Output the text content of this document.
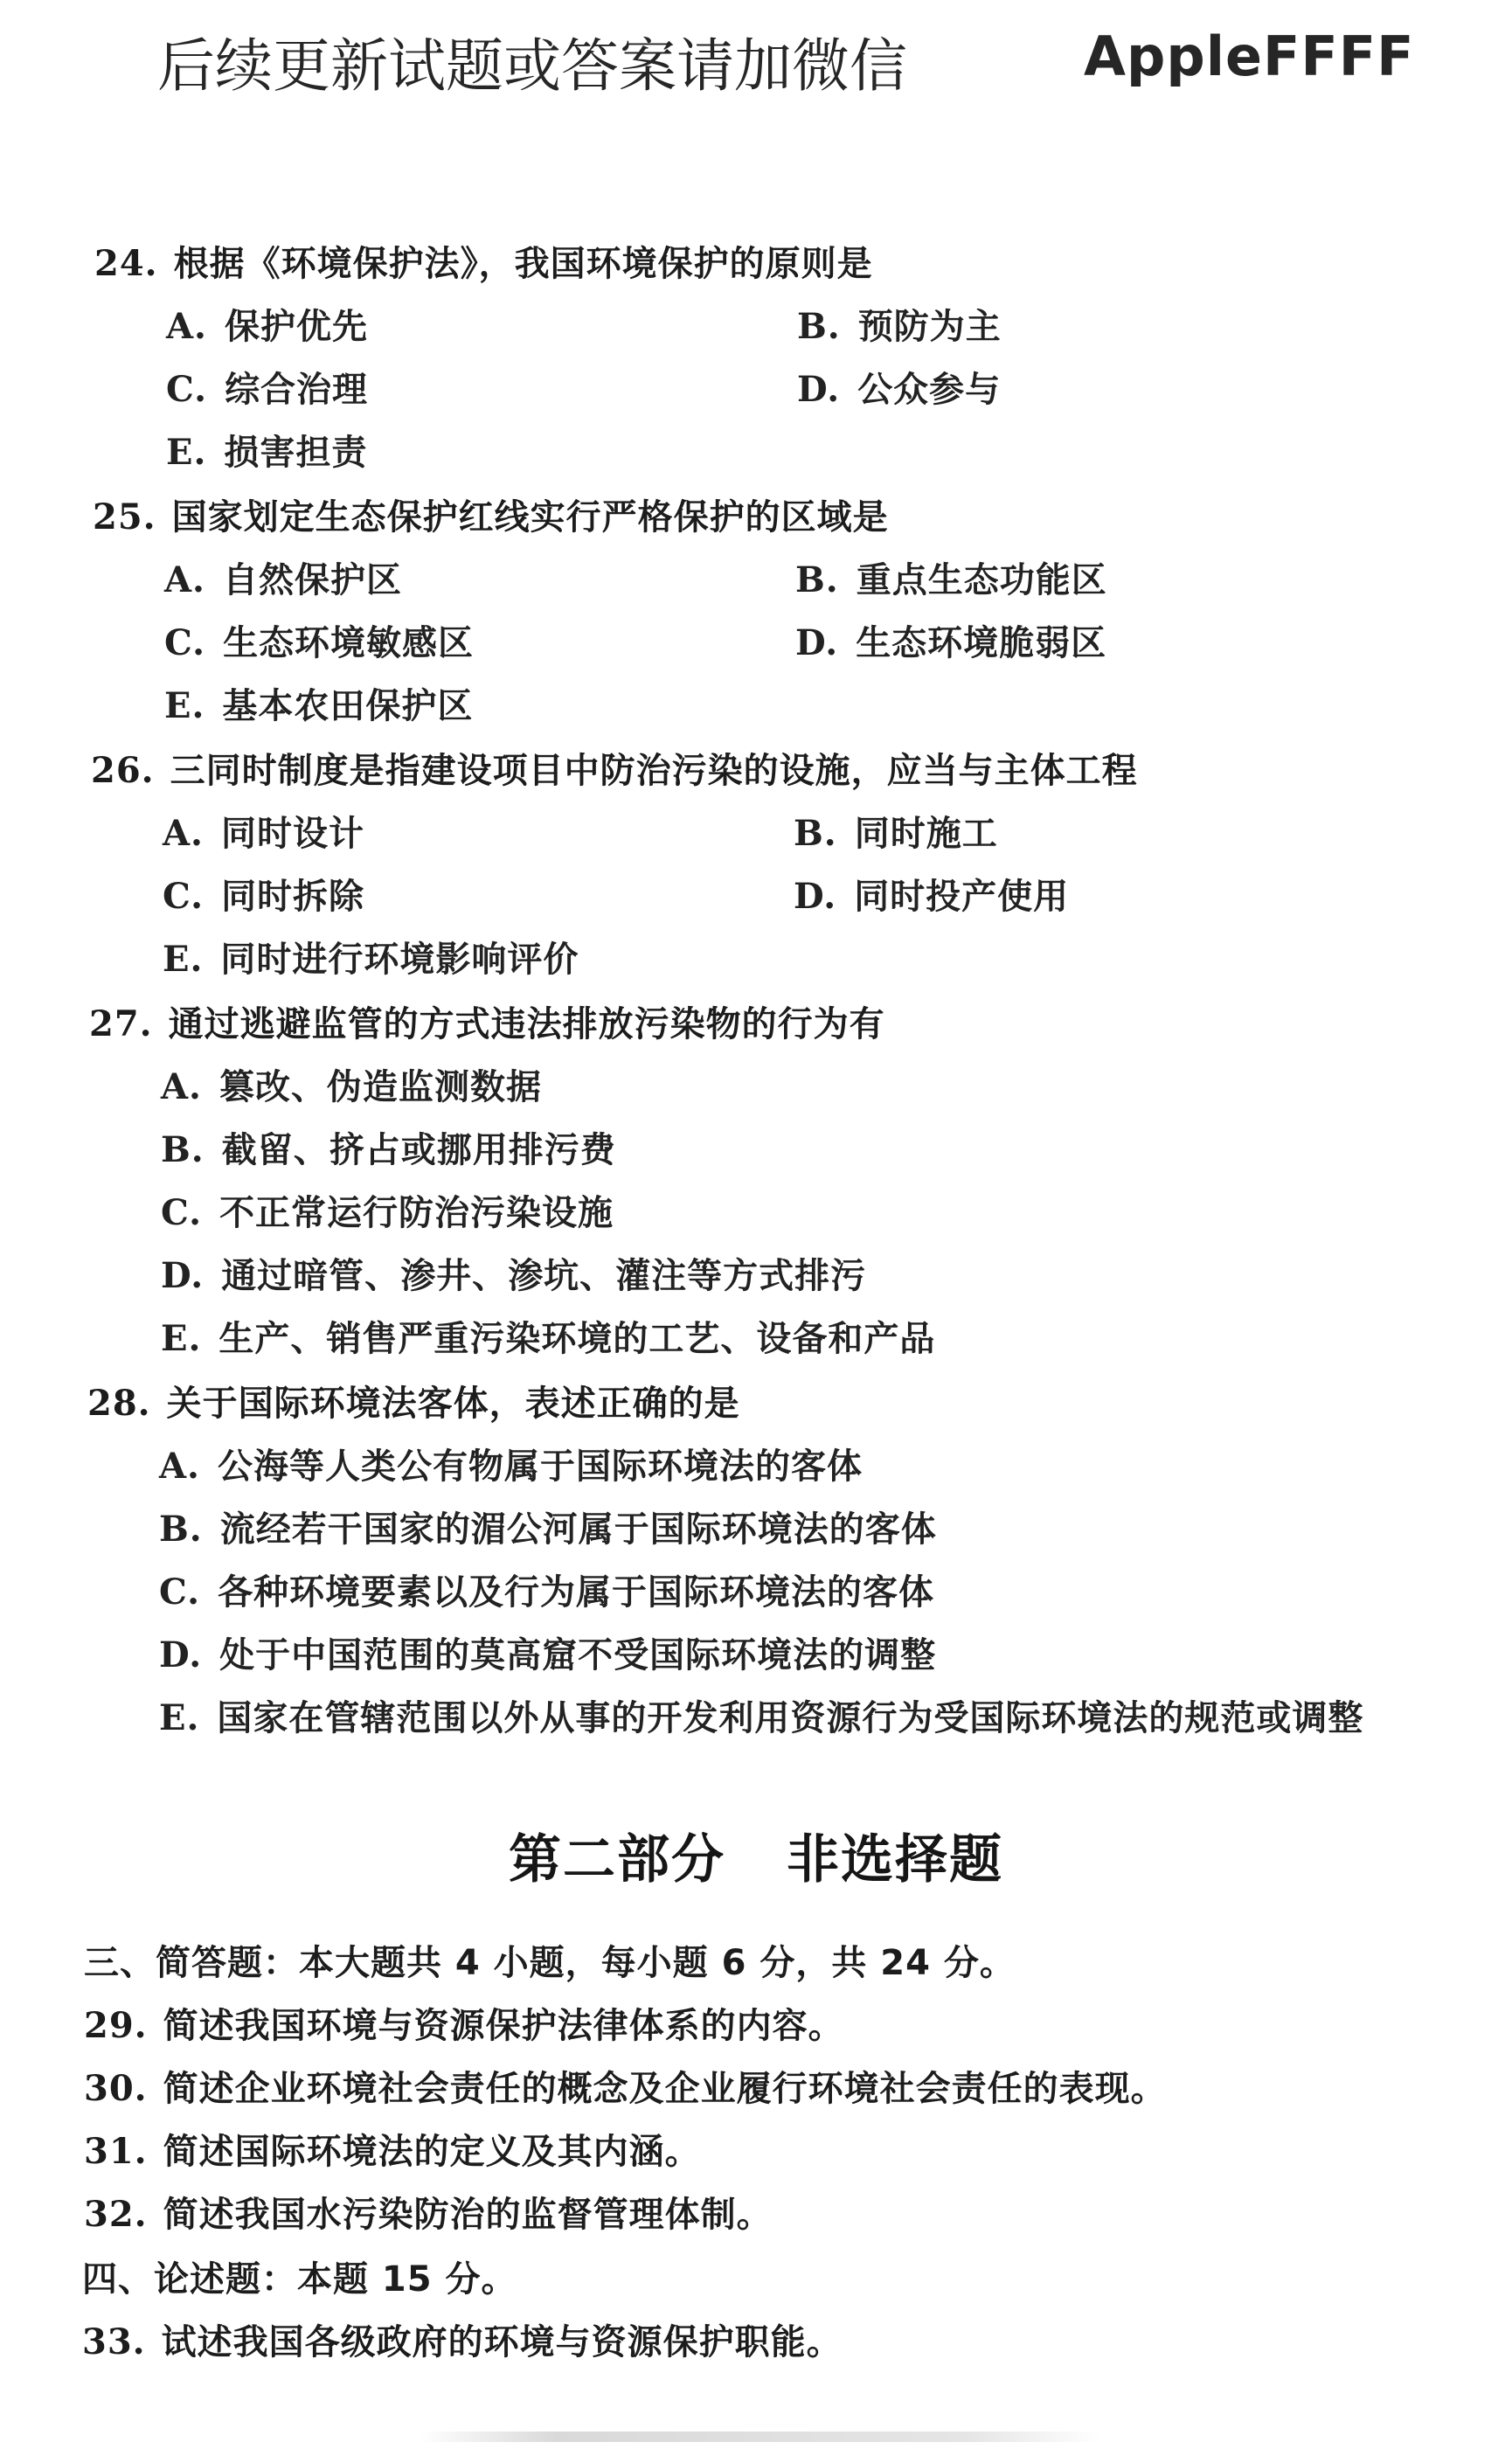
后续更新试题或答案请加微信	AppleFFFF
24. 根据《环境保护法》，我国环境保护的原则是
A. 保护优先	B. 预防为主
C. 综合治理	D. 公众参与
E. 损害担责
25. 国家划定生态保护红线实行严格保护的区域是
A. 自然保护区	B. 重点生态功能区
C. 生态环境敏感区	D. 生态环境脆弱区
E. 基本农田保护区
26. 三同时制度是指建设项目中防治污染的设施，应当与主体工程
A. 同时设计	B. 同时施工
C. 同时拆除	D. 同时投产使用
E. 同时进行环境影响评价
27. 通过逃避监管的方式违法排放污染物的行为有
A. 篡改、伪造监测数据
B. 截留、挤占或挪用排污费
C. 不正常运行防治污染设施
D. 通过暗管、渗井、渗坑、灌注等方式排污
E. 生产、销售严重污染环境的工艺、设备和产品
28. 关于国际环境法客体，表述正确的是
A. 公海等人类公有物属于国际环境法的客体
B. 流经若干国家的湄公河属于国际环境法的客体
C. 各种环境要素以及行为属于国际环境法的客体
D. 处于中国范围的莫高窟不受国际环境法的调整
E. 国家在管辖范围以外从事的开发利用资源行为受国际环境法的规范或调整
第二部分 非选择题
三、简答题：本大题共 4 小题，每小题 6 分，共 24 分。
29. 简述我国环境与资源保护法律体系的内容。
30. 简述企业环境社会责任的概念及企业履行环境社会责任的表现。
31. 简述国际环境法的定义及其内涵。
32. 简述我国水污染防治的监督管理体制。
四、论述题：本题 15 分。
33. 试述我国各级政府的环境与资源保护职能。
